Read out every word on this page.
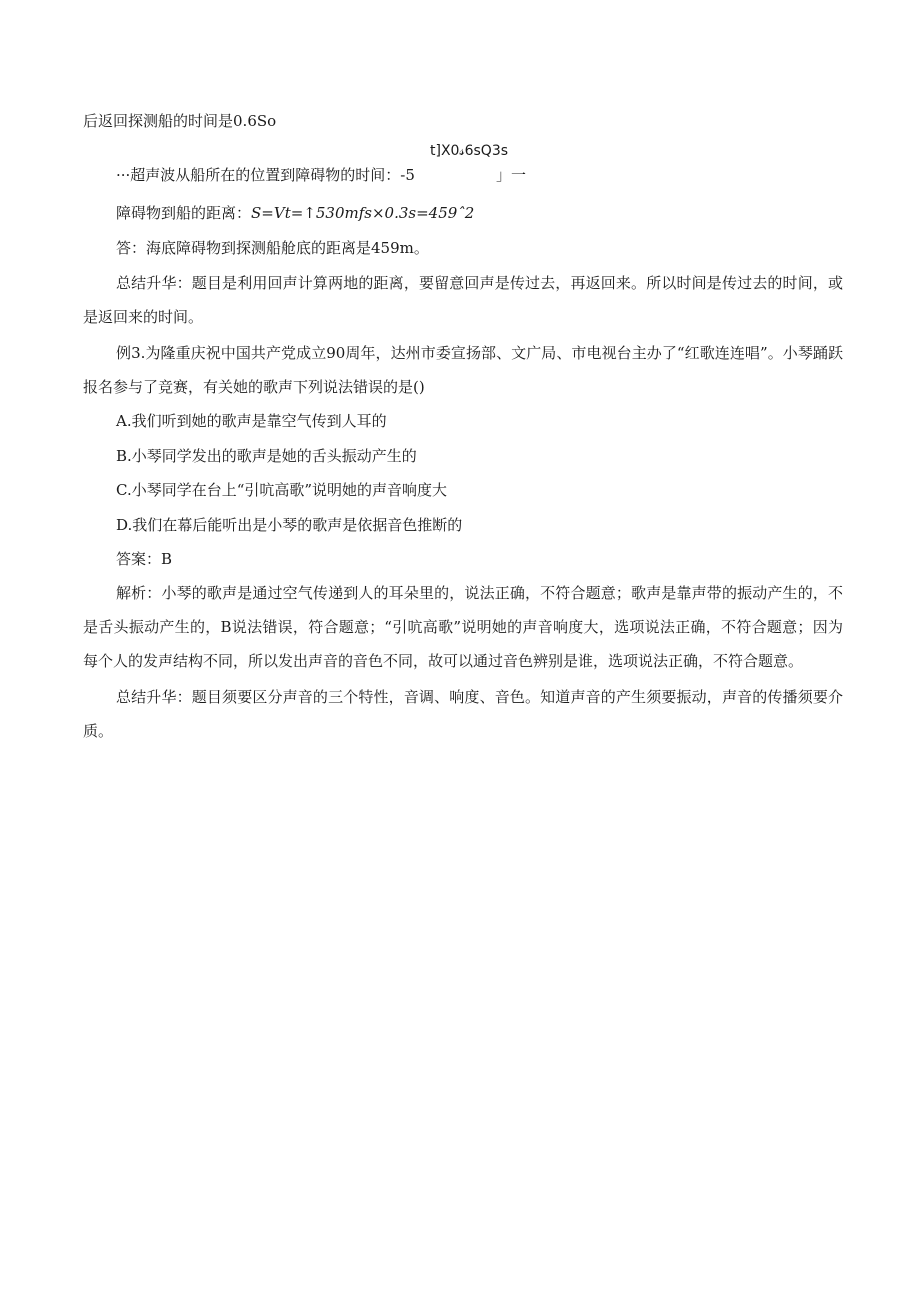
后返回探测船的时间是0.6So
t]X0𝓈6sQ3s
···超声波从船所在的位置到障碍物的时间：-5	」一
障碍物到船的距离：S=Vt=↑530mfs×0.3s=459ˆ2
答：海底障碍物到探测船舱底的距离是459m。
总结升华：题目是利用回声计算两地的距离，要留意回声是传过去，再返回来。所以时间是传过去的时间，或是返回来的时间。
例3.为隆重庆祝中国共产党成立90周年，达州市委宣扬部、文广局、市电视台主办了“红歌连连唱”。小琴踊跃报名参与了竞赛，有关她的歌声下列说法错误的是()
A.我们听到她的歌声是靠空气传到人耳的
B.小琴同学发出的歌声是她的舌头振动产生的
C.小琴同学在台上“引吭高歌”说明她的声音响度大
D.我们在幕后能听出是小琴的歌声是依据音色推断的
答案：B
解析：小琴的歌声是通过空气传递到人的耳朵里的，说法正确，不符合题意；歌声是靠声带的振动产生的，不是舌头振动产生的，B说法错误，符合题意；“引吭高歌”说明她的声音响度大，选项说法正确，不符合题意；因为每个人的发声结构不同，所以发出声音的音色不同，故可以通过音色辨别是谁，选项说法正确，不符合题意。
总结升华：题目须要区分声音的三个特性，音调、响度、音色。知道声音的产生须要振动，声音的传播须要介质。
